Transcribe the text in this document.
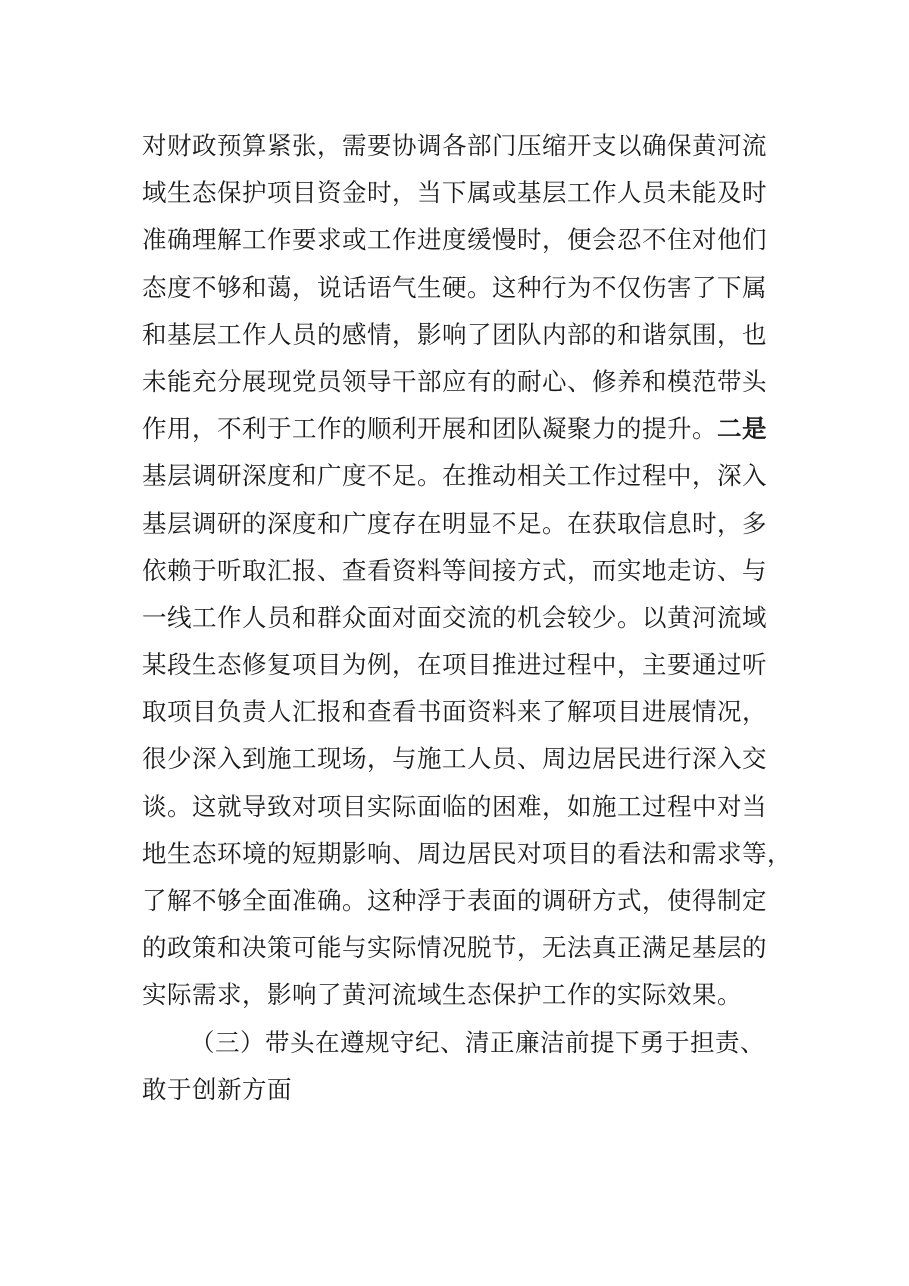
对财政预算紧张，需要协调各部门压缩开支以确保黄河流
域生态保护项目资金时，当下属或基层工作人员未能及时
准确理解工作要求或工作进度缓慢时，便会忍不住对他们
态度不够和蔼，说话语气生硬。这种行为不仅伤害了下属
和基层工作人员的感情，影响了团队内部的和谐氛围，也
未能充分展现党员领导干部应有的耐心、修养和模范带头
作用，不利于工作的顺利开展和团队凝聚力的提升。二是
基层调研深度和广度不足。在推动相关工作过程中，深入
基层调研的深度和广度存在明显不足。在获取信息时，多
依赖于听取汇报、查看资料等间接方式，而实地走访、与
一线工作人员和群众面对面交流的机会较少。以黄河流域
某段生态修复项目为例，在项目推进过程中，主要通过听
取项目负责人汇报和查看书面资料来了解项目进展情况，
很少深入到施工现场，与施工人员、周边居民进行深入交
谈。这就导致对项目实际面临的困难，如施工过程中对当
地生态环境的短期影响、周边居民对项目的看法和需求等，
了解不够全面准确。这种浮于表面的调研方式，使得制定
的政策和决策可能与实际情况脱节，无法真正满足基层的
实际需求，影响了黄河流域生态保护工作的实际效果。
（三）带头在遵规守纪、清正廉洁前提下勇于担责、
敢于创新方面
